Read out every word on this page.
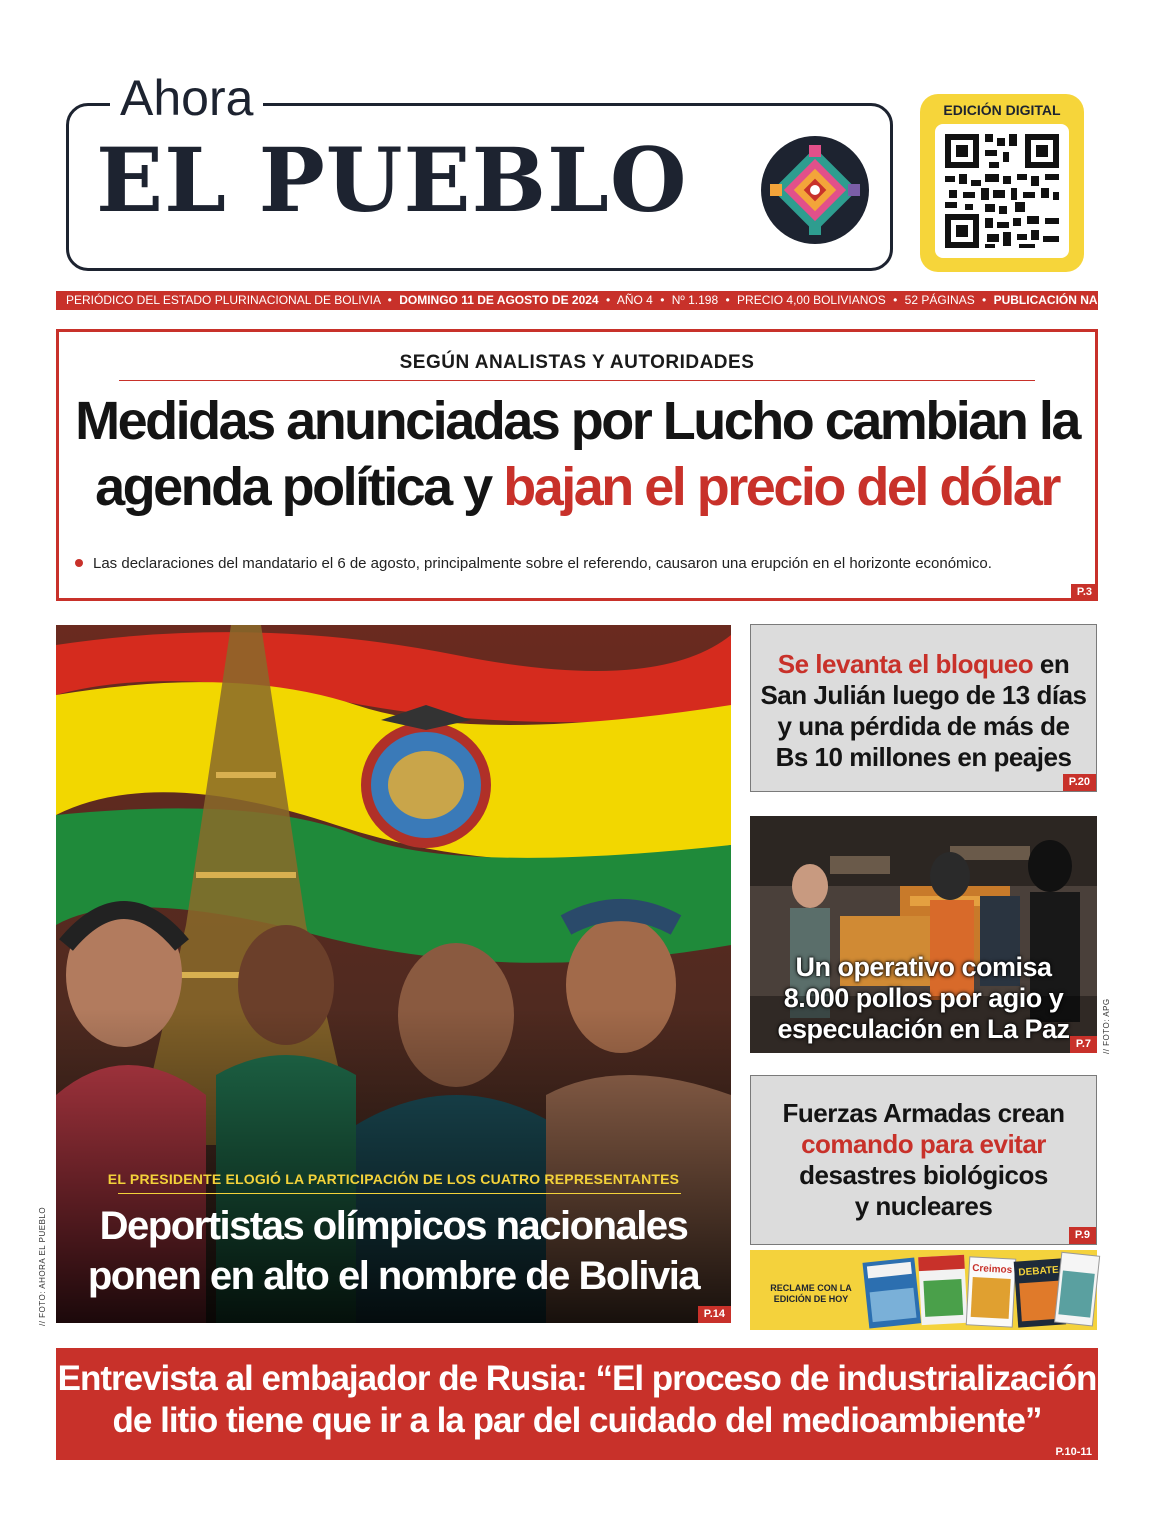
Ahora
EL PUEBLO
EDICIÓN DIGITAL
PERIÓDICO DEL ESTADO PLURINACIONAL DE BOLIVIA • DOMINGO 11 DE AGOSTO DE 2024 • AÑO 4 • Nº 1.198 • PRECIO 4,00 BOLIVIANOS • 52 PÁGINAS • PUBLICACIÓN NACIONAL
SEGÚN ANALISTAS Y AUTORIDADES
Medidas anunciadas por Lucho cambian la
agenda política y bajan el precio del dólar
Las declaraciones del mandatario el 6 de agosto, principalmente sobre el referendo, causaron una erupción en el horizonte económico.
P.3
EL PRESIDENTE ELOGIÓ LA PARTICIPACIÓN DE LOS CUATRO REPRESENTANTES
Deportistas olímpicos nacionales
ponen en alto el nombre de Bolivia
P.14
// FOTO: AHORA EL PUEBLO
Se levanta el bloqueo en
San Julián luego de 13 días
y una pérdida de más de
Bs 10 millones en peajes
P.20
Un operativo comisa
8.000 pollos por agio y
especulación en La Paz P.7	// FOTO: APG
Fuerzas Armadas crean
comando para evitar
desastres biológicos
y nucleares
P.9
RECLAME CON LA
EDICIÓN DE HOY
Creimos DEBATE
Entrevista al embajador de Rusia: “El proceso de industrialización
de litio tiene que ir a la par del cuidado del medioambiente”
P.10-11
